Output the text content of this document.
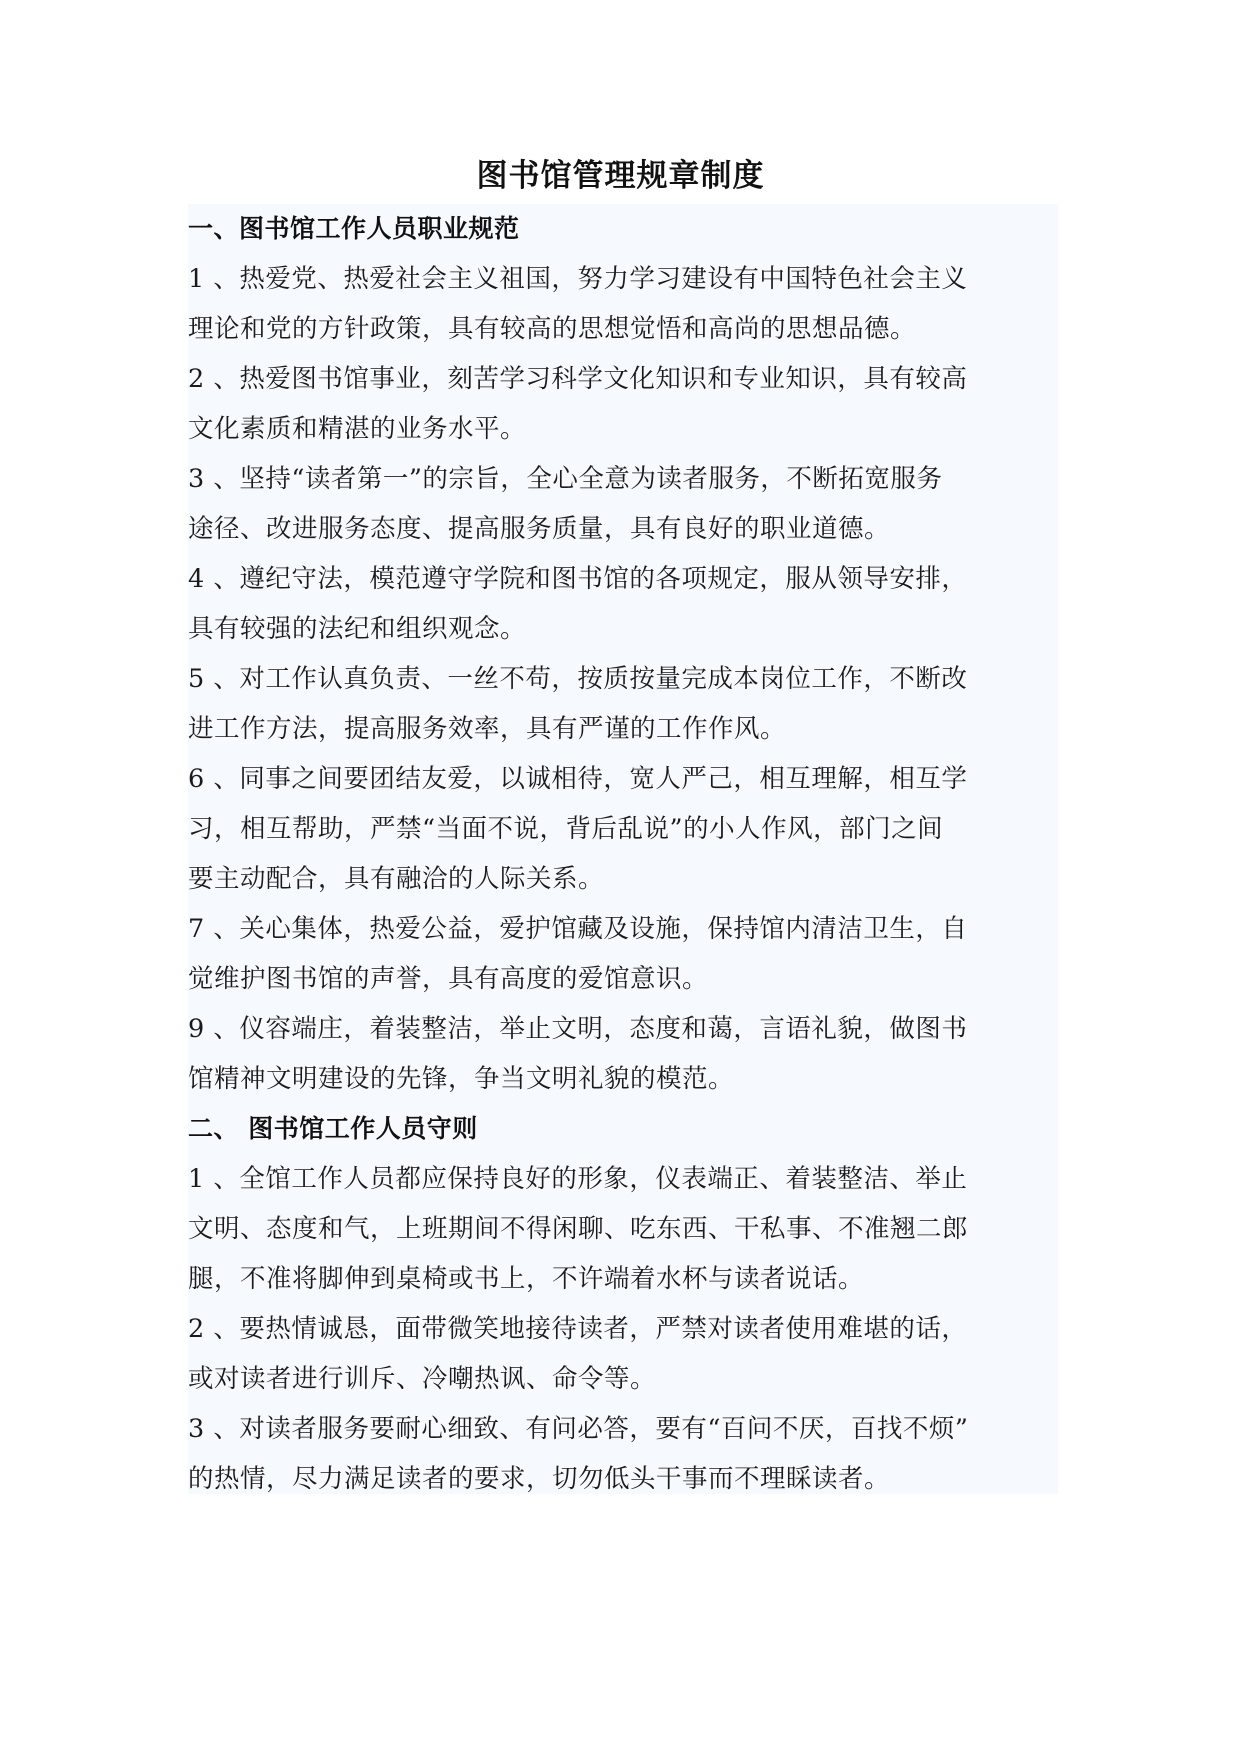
图书馆管理规章制度
一、图书馆工作人员职业规范
1 、热爱党、热爱社会主义祖国，努力学习建设有中国特色社会主义
理论和党的方针政策，具有较高的思想觉悟和高尚的思想品德。
2 、热爱图书馆事业，刻苦学习科学文化知识和专业知识，具有较高
文化素质和精湛的业务水平。
3 、坚持“读者第一”的宗旨，全心全意为读者服务，不断拓宽服务
途径、改进服务态度、提高服务质量，具有良好的职业道德。
4 、遵纪守法，模范遵守学院和图书馆的各项规定，服从领导安排，
具有较强的法纪和组织观念。
5 、对工作认真负责、一丝不苟，按质按量完成本岗位工作，不断改
进工作方法，提高服务效率，具有严谨的工作作风。
6 、同事之间要团结友爱，以诚相待，宽人严己，相互理解，相互学
习，相互帮助，严禁“当面不说，背后乱说”的小人作风，部门之间
要主动配合，具有融洽的人际关系。
7 、关心集体，热爱公益，爱护馆藏及设施，保持馆内清洁卫生，自
觉维护图书馆的声誉，具有高度的爱馆意识。
9 、仪容端庄，着装整洁，举止文明，态度和蔼，言语礼貌，做图书
馆精神文明建设的先锋，争当文明礼貌的模范。
二、 图书馆工作人员守则
1 、全馆工作人员都应保持良好的形象，仪表端正、着装整洁、举止
文明、态度和气，上班期间不得闲聊、吃东西、干私事、不准翘二郎
腿，不准将脚伸到桌椅或书上，不许端着水杯与读者说话。
2 、要热情诚恳，面带微笑地接待读者，严禁对读者使用难堪的话，
或对读者进行训斥、冷嘲热讽、命令等。
3 、对读者服务要耐心细致、有问必答，要有“百问不厌，百找不烦”
的热情，尽力满足读者的要求，切勿低头干事而不理睬读者。
